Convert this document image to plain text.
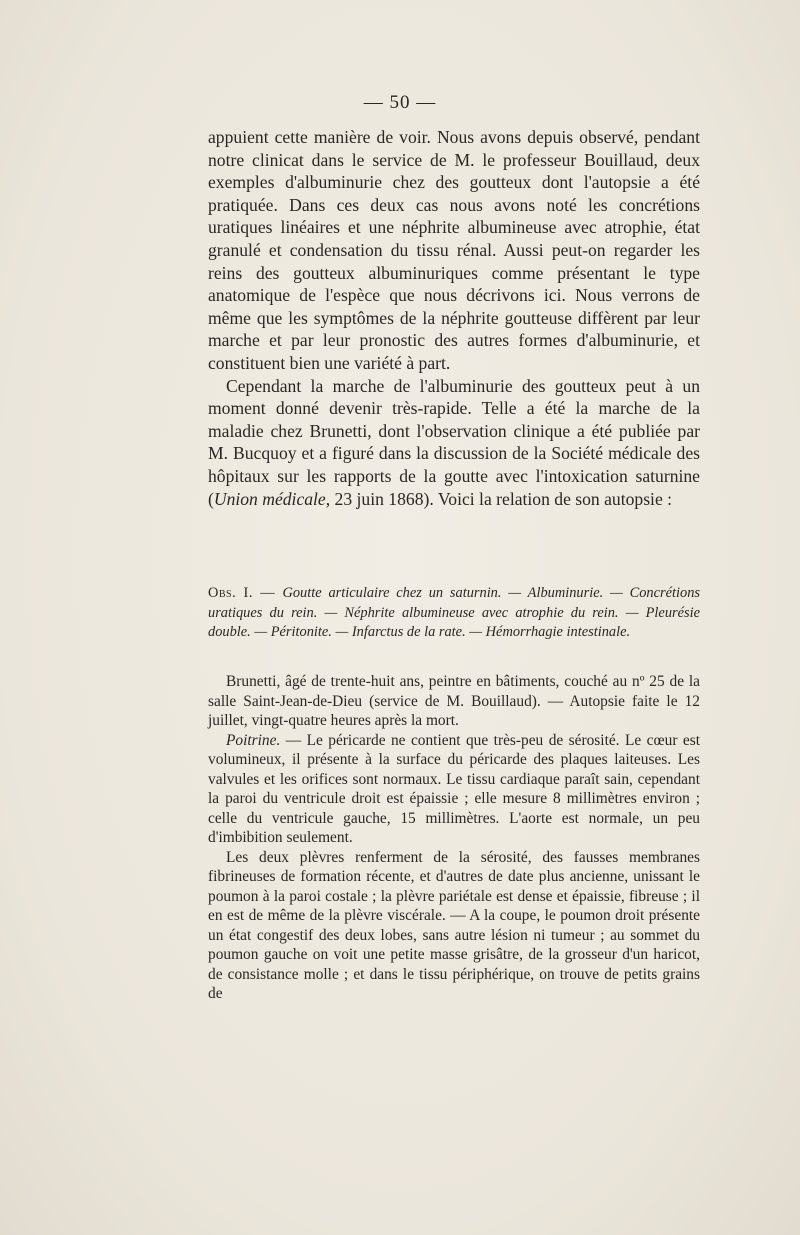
— 50 —

appuient cette manière de voir. Nous avons depuis observé, pendant notre clinicat dans le service de M. le professeur Bouillaud, deux exemples d'albuminurie chez des goutteux dont l'autopsie a été pratiquée. Dans ces deux cas nous avons noté les concrétions uratiques linéaires et une néphrite albumineuse avec atrophie, état granulé et condensation du tissu rénal. Aussi peut-on regarder les reins des goutteux albuminuriques comme présentant le type anatomique de l'espèce que nous décrivons ici. Nous verrons de même que les symptômes de la néphrite goutteuse diffèrent par leur marche et par leur pronostic des autres formes d'albuminurie, et constituent bien une variété à part.

Cependant la marche de l'albuminurie des goutteux peut à un moment donné devenir très-rapide. Telle a été la marche de la maladie chez Brunetti, dont l'observation clinique a été publiée par M. Bucquoy et a figuré dans la discussion de la Société médicale des hôpitaux sur les rapports de la goutte avec l'intoxication saturnine (Union médicale, 23 juin 1868). Voici la relation de son autopsie :

Obs. I. — Goutte articulaire chez un saturnin. — Albuminurie. — Concrétions uratiques du rein. — Néphrite albumineuse avec atrophie du rein. — Pleurésie double. — Péritonite. — Infarctus de la rate. — Hémorrhagie intestinale.

Brunetti, âgé de trente-huit ans, peintre en bâtiments, couché au nº 25 de la salle Saint-Jean-de-Dieu (service de M. Bouillaud). — Autopsie faite le 12 juillet, vingt-quatre heures après la mort.

Poitrine. — Le péricarde ne contient que très-peu de sérosité. Le cœur est volumineux, il présente à la surface du péricarde des plaques laiteuses. Les valvules et les orifices sont normaux. Le tissu cardiaque paraît sain, cependant la paroi du ventricule droit est épaissie ; elle mesure 8 millimètres environ ; celle du ventricule gauche, 15 millimètres. L'aorte est normale, un peu d'imbibition seulement.

Les deux plèvres renferment de la sérosité, des fausses membranes fibrineuses de formation récente, et d'autres de date plus ancienne, unissant le poumon à la paroi costale ; la plèvre pariétale est dense et épaissie, fibreuse ; il en est de même de la plèvre viscérale. — A la coupe, le poumon droit présente un état congestif des deux lobes, sans autre lésion ni tumeur ; au sommet du poumon gauche on voit une petite masse grisâtre, de la grosseur d'un haricot, de consistance molle ; et dans le tissu périphérique, on trouve de petits grains de
